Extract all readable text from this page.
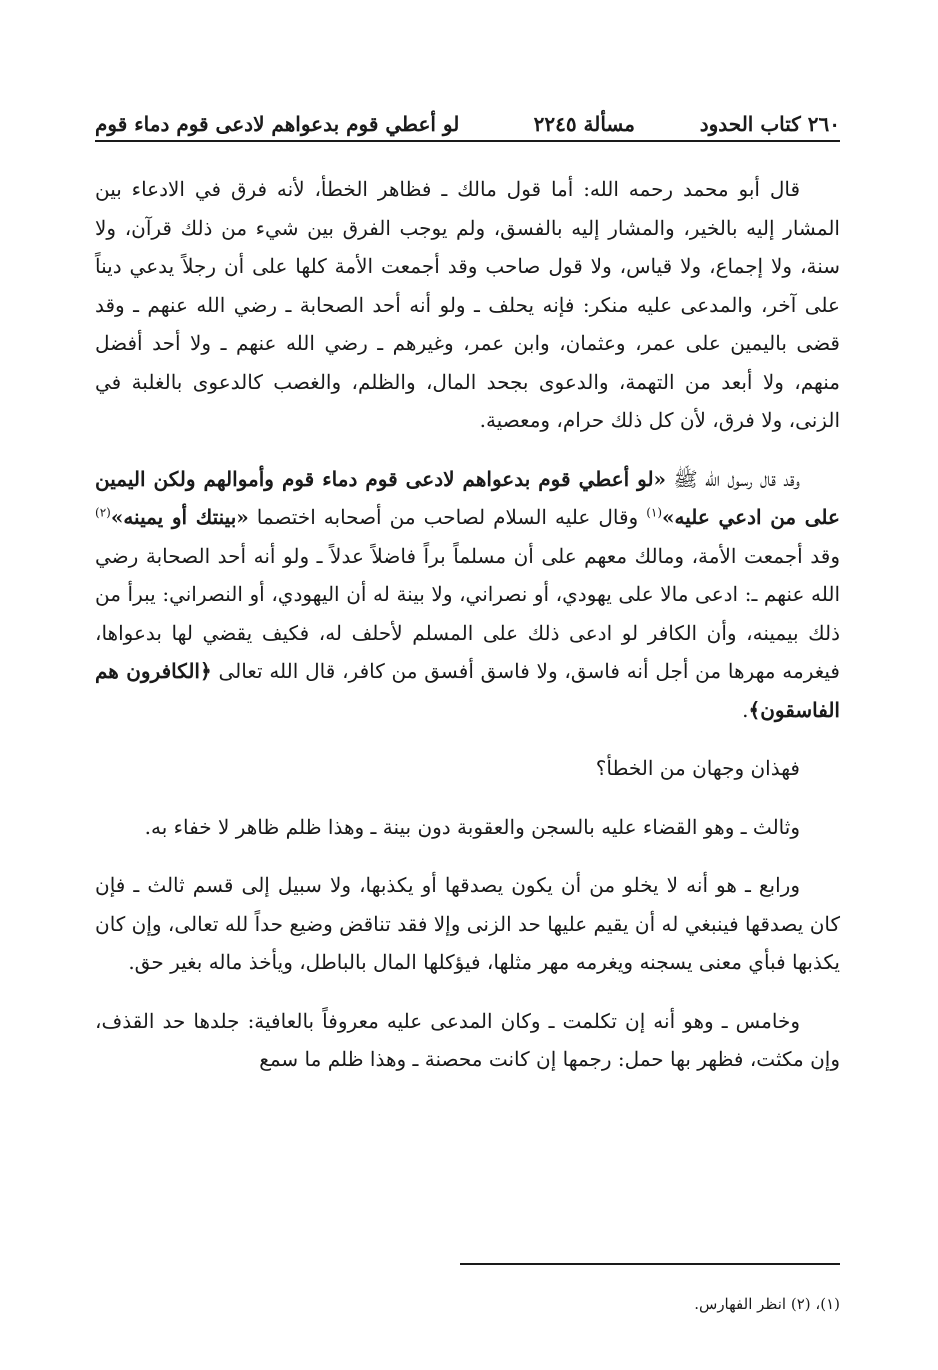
٢٦٠ كتاب الحدود
مسألة ٢٢٤٥
لو أعطي قوم بدعواهم لادعى قوم دماء قوم

قال أبو محمد رحمه الله: أما قول مالك ـ فظاهر الخطأ، لأنه فرق في الادعاء بين المشار إليه بالخير، والمشار إليه بالفسق، ولم يوجب الفرق بين شيء من ذلك قرآن، ولا سنة، ولا إجماع، ولا قياس، ولا قول صاحب وقد أجمعت الأمة كلها على أن رجلاً يدعي ديناً على آخر، والمدعى عليه منكر: فإنه يحلف ـ ولو أنه أحد الصحابة ـ رضي الله عنهم ـ وقد قضى باليمين على عمر، وعثمان، وابن عمر، وغيرهم ـ رضي الله عنهم ـ ولا أحد أفضل منهم، ولا أبعد من التهمة، والدعوى بجحد المال، والظلم، والغصب كالدعوى بالغلبة في الزنى، ولا فرق، لأن كل ذلك حرام، ومعصية.

وقد قال رسول الله ﷺ «لو أعطي قوم بدعواهم لادعى قوم دماء قوم وأموالهم ولكن اليمين على من ادعي عليه»$^{(١)}$ وقال عليه السلام لصاحب من أصحابه اختصما «بينتك أو يمينه»$^{(٢)}$ وقد أجمعت الأمة، ومالك معهم على أن مسلماً براً فاضلاً عدلاً ـ ولو أنه أحد الصحابة رضي الله عنهم ـ: ادعى مالا على يهودي، أو نصراني، ولا بينة له أن اليهودي، أو النصراني: يبرأ من ذلك بيمينه، وأن الكافر لو ادعى ذلك على المسلم لأحلف له، فكيف يقضي لها بدعواها، فيغرمه مهرها من أجل أنه فاسق، ولا فاسق أفسق من كافر، قال الله تعالى ﴿الكافرون هم الفاسقون﴾.

فهذان وجهان من الخطأ؟

وثالث ـ وهو القضاء عليه بالسجن والعقوبة دون بينة ـ وهذا ظلم ظاهر لا خفاء به.

ورابع ـ هو أنه لا يخلو من أن يكون يصدقها أو يكذبها، ولا سبيل إلى قسم ثالث ـ فإن كان يصدقها فينبغي له أن يقيم عليها حد الزنى وإلا فقد تناقض وضيع حداً لله تعالى، وإن كان يكذبها فبأي معنى يسجنه ويغرمه مهر مثلها، فيؤكلها المال بالباطل، ويأخذ ماله بغير حق.

وخامس ـ وهو أنه إن تكلمت ـ وكان المدعى عليه معروفاً بالعافية: جلدها حد القذف، وإن مكثت، فظهر بها حمل: رجمها إن كانت محصنة ـ وهذا ظلم ما سمع

(١)، (٢) انظر الفهارس.
